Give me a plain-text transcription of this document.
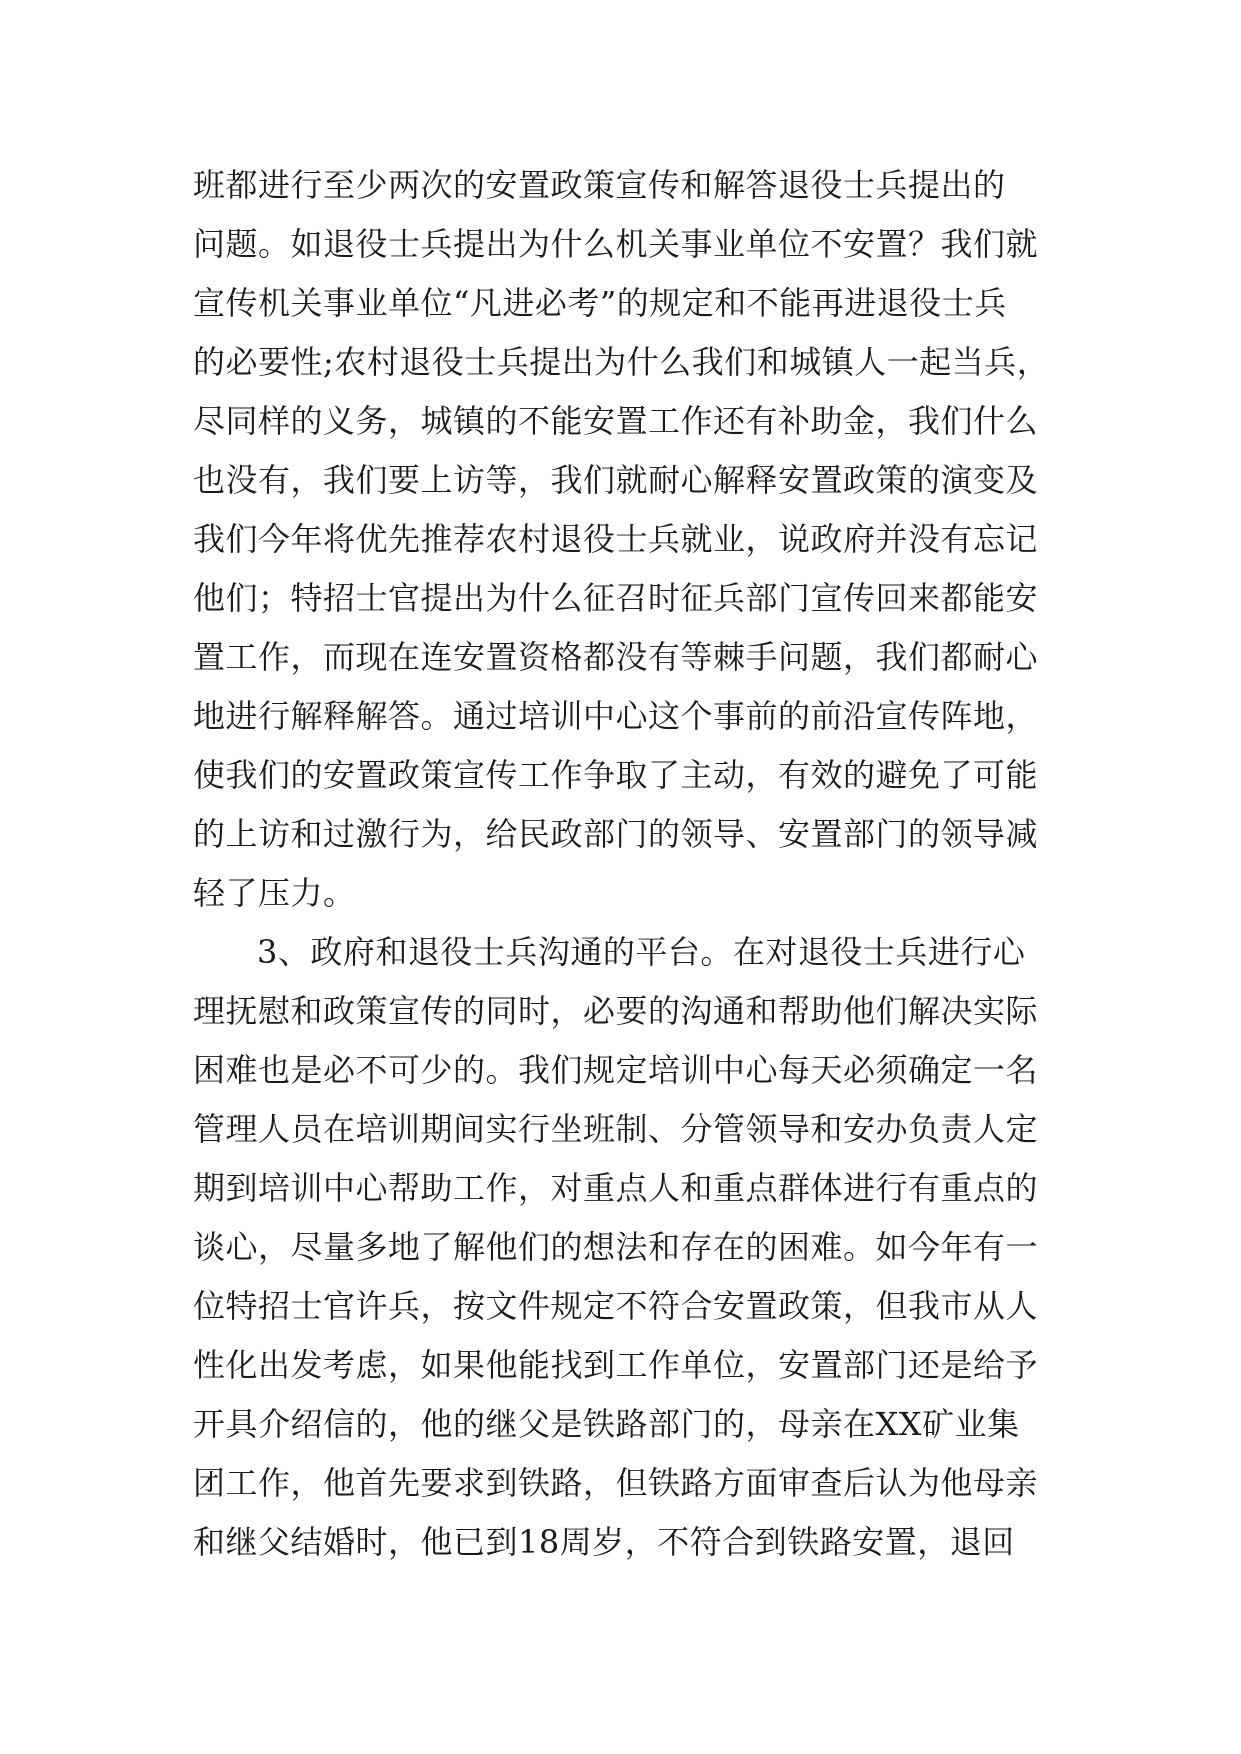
班都进行至少两次的安置政策宣传和解答退役士兵提出的
问题。如退役士兵提出为什么机关事业单位不安置？我们就
宣传机关事业单位“凡进必考”的规定和不能再进退役士兵
的必要性;农村退役士兵提出为什么我们和城镇人一起当兵，
尽同样的义务，城镇的不能安置工作还有补助金，我们什么
也没有，我们要上访等，我们就耐心解释安置政策的演变及
我们今年将优先推荐农村退役士兵就业，说政府并没有忘记
他们；特招士官提出为什么征召时征兵部门宣传回来都能安
置工作，而现在连安置资格都没有等棘手问题，我们都耐心
地进行解释解答。通过培训中心这个事前的前沿宣传阵地，
使我们的安置政策宣传工作争取了主动，有效的避免了可能
的上访和过激行为，给民政部门的领导、安置部门的领导减
轻了压力。
3、政府和退役士兵沟通的平台。在对退役士兵进行心
理抚慰和政策宣传的同时，必要的沟通和帮助他们解决实际
困难也是必不可少的。我们规定培训中心每天必须确定一名
管理人员在培训期间实行坐班制、分管领导和安办负责人定
期到培训中心帮助工作，对重点人和重点群体进行有重点的
谈心，尽量多地了解他们的想法和存在的困难。如今年有一
位特招士官许兵，按文件规定不符合安置政策，但我市从人
性化出发考虑，如果他能找到工作单位，安置部门还是给予
开具介绍信的，他的继父是铁路部门的，母亲在XX矿业集
团工作，他首先要求到铁路，但铁路方面审查后认为他母亲
和继父结婚时，他已到18周岁，不符合到铁路安置，退回
